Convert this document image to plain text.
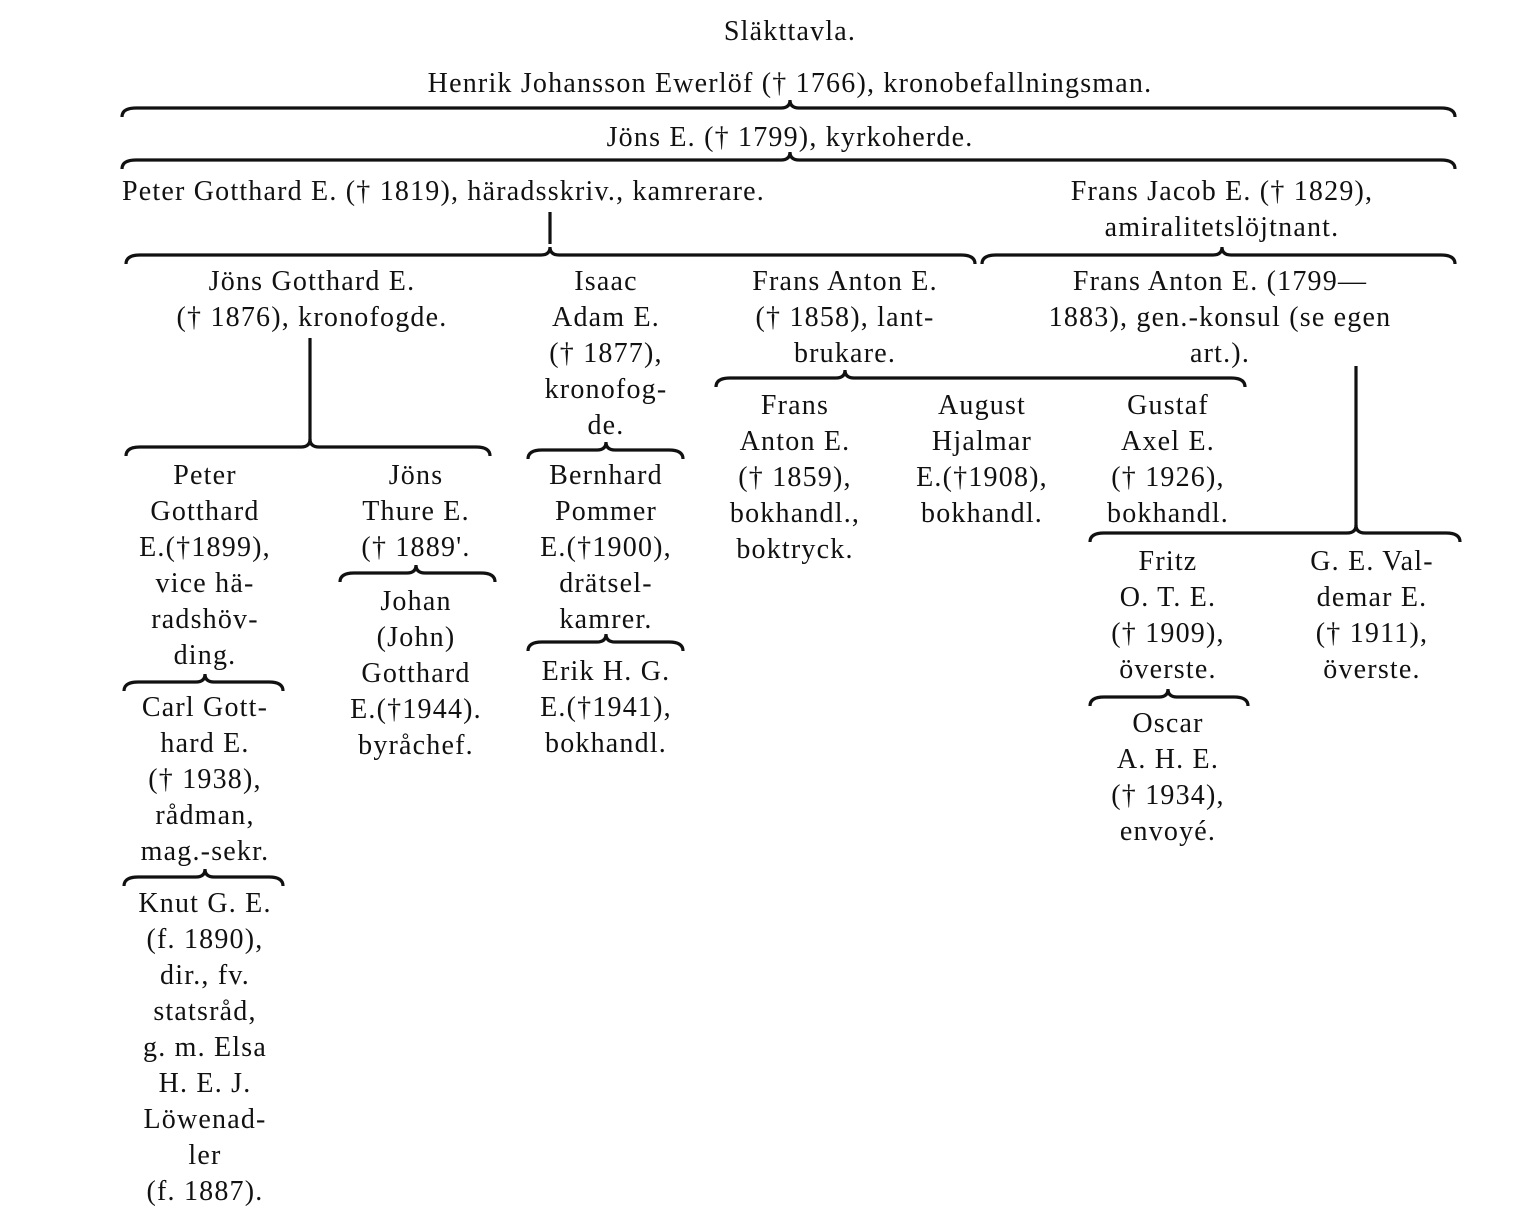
Släkttavla.
Henrik Johansson Ewerlöf († 1766), kronobefallningsman.
Jöns E. († 1799), kyrkoherde.
Peter Gotthard E. († 1819), häradsskriv., kamrerare.	Frans Jacob E. († 1829),
amiralitetslöjtnant.
Jöns Gotthard E.
(† 1876), kronofogde.
Isaac
Adam E.
(† 1877),
kronofog-
de.
Frans Anton E.
(† 1858), lant-
brukare.
Frans Anton E. (1799—
1883), gen.-konsul (se egen
art.).
Frans
Anton E.
(† 1859),
bokhandl.,
boktryck.
August
Hjalmar
E.(†1908),
bokhandl.
Gustaf
Axel E.
(† 1926),
bokhandl.
Peter
Gotthard
E.(†1899),
vice hä-
radshöv-
ding.
Jöns
Thure E.
(† 1889'.
Johan
(John)
Gotthard
E.(†1944).
byråchef.
Bernhard
Pommer
E.(†1900),
drätsel-
kamrer.
Erik H. G.
E.(†1941),
bokhandl.
Carl Gott-
hard E.
(† 1938),
rådman,
mag.-sekr.
Knut G. E.
(f. 1890),
dir., fv.
statsråd,
g. m. Elsa
H. E. J.
Löwenad-
ler
(f. 1887).
Fritz
O. T. E.
(† 1909),
överste.
G. E. Val-
demar E.
(† 1911),
överste.
Oscar
A. H. E.
(† 1934),
envoyé.
